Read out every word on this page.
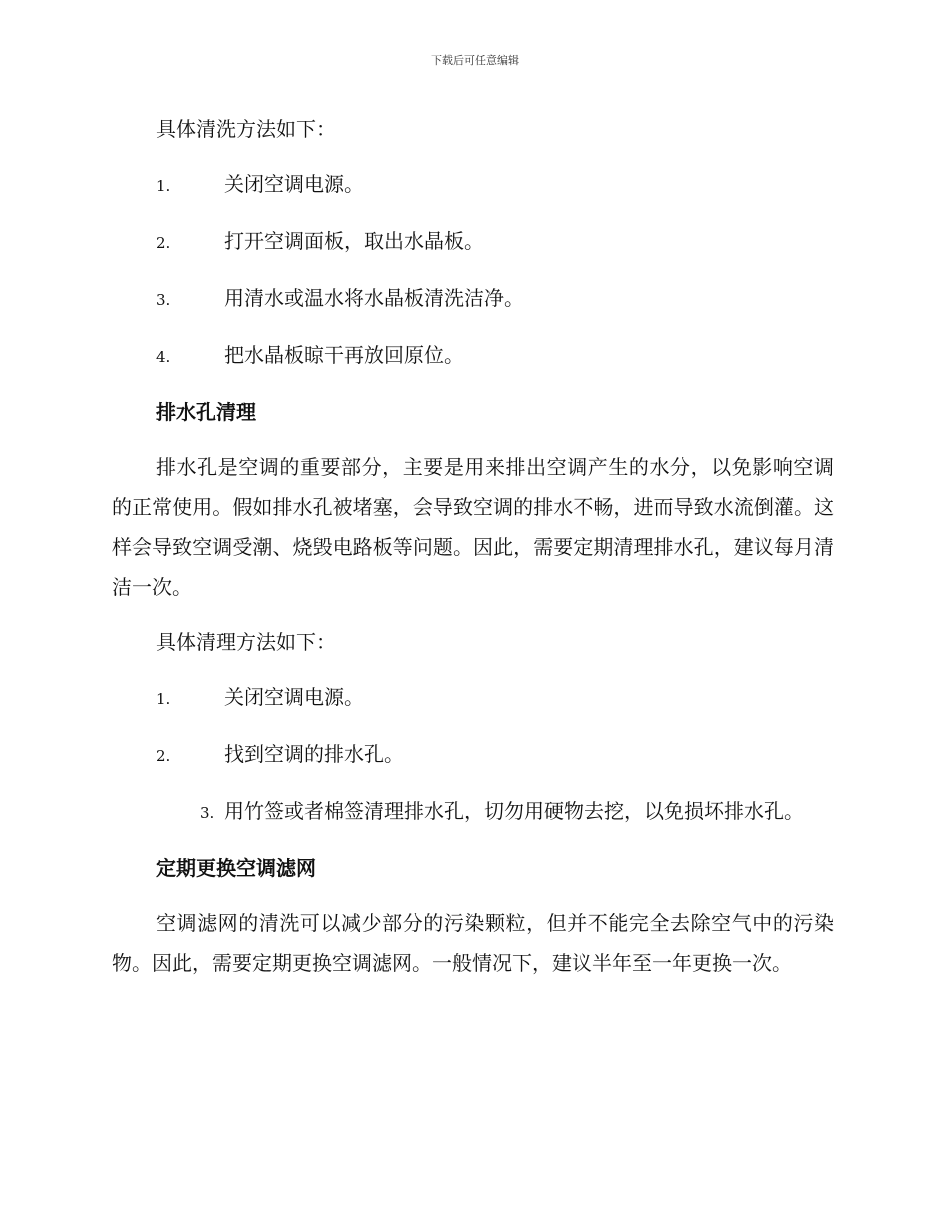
下载后可任意编辑

具体清洗方法如下：

1.	关闭空调电源。
2.	打开空调面板，取出水晶板。
3.	用清水或温水将水晶板清洗洁净。
4.	把水晶板晾干再放回原位。
排水孔清理

排水孔是空调的重要部分，主要是用来排出空调产生的水分，以免影响空调的正常使用。假如排水孔被堵塞，会导致空调的排水不畅，进而导致水流倒灌。这样会导致空调受潮、烧毁电路板等问题。因此，需要定期清理排水孔，建议每月清洁一次。

具体清理方法如下：

1.	关闭空调电源。
2.	找到空调的排水孔。
3. 用竹签或者棉签清理排水孔，切勿用硬物去挖，以免损坏排水孔。
定期更换空调滤网

空调滤网的清洗可以减少部分的污染颗粒，但并不能完全去除空气中的污染物。因此，需要定期更换空调滤网。一般情况下，建议半年至一年更换一次。
